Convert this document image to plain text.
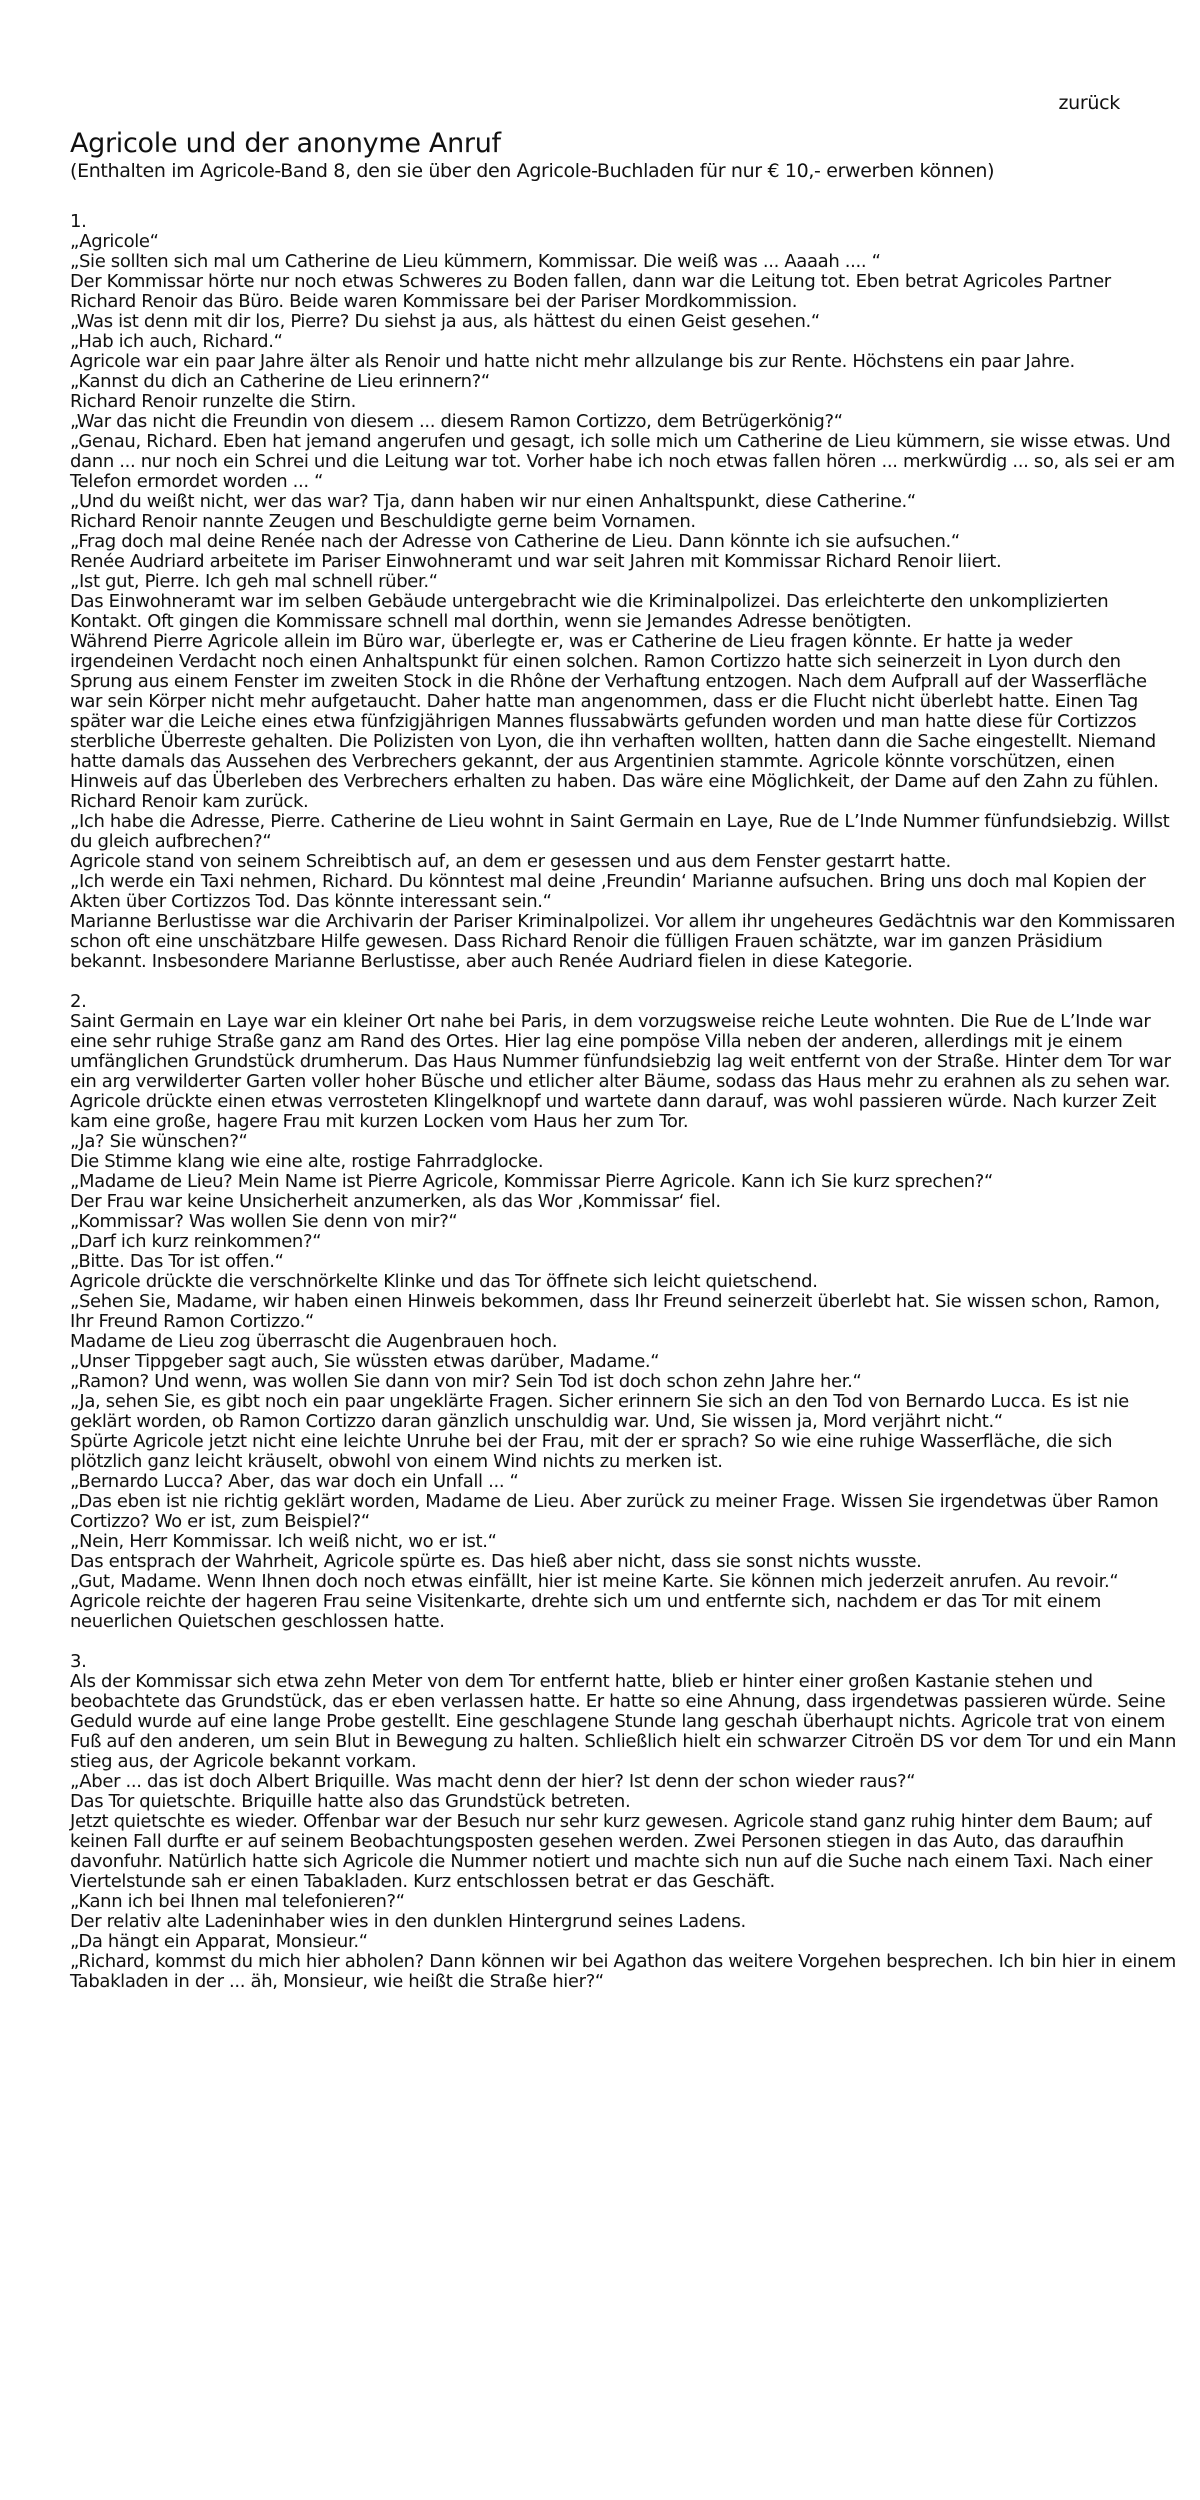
zurück
Agricole und der anonyme Anruf
(Enthalten im Agricole-Band 8, den sie über den Agricole-Buchladen für nur € 10,- erwerben können)
1.

„Agricole“

„Sie sollten sich mal um Catherine de Lieu kümmern, Kommissar. Die weiß was ... Aaaah .... “

Der Kommissar hörte nur noch etwas Schweres zu Boden fallen, dann war die Leitung tot. Eben betrat Agricoles Partner Richard Renoir das Büro. Beide waren Kommissare bei der Pariser Mordkommission.

„Was ist denn mit dir los, Pierre? Du siehst ja aus, als hättest du einen Geist gesehen.“

„Hab ich auch, Richard.“

Agricole war ein paar Jahre älter als Renoir und hatte nicht mehr allzulange bis zur Rente. Höchstens ein paar Jahre.

„Kannst du dich an Catherine de Lieu erinnern?“

Richard Renoir runzelte die Stirn.

„War das nicht die Freundin von diesem ... diesem Ramon Cortizzo, dem Betrügerkönig?“

„Genau, Richard. Eben hat jemand angerufen und gesagt, ich solle mich um Catherine de Lieu kümmern, sie wisse etwas. Und dann ... nur noch ein Schrei und die Leitung war tot. Vorher habe ich noch etwas fallen hören ... merkwürdig ... so, als sei er am Telefon ermordet worden ... “

„Und du weißt nicht, wer das war? Tja, dann haben wir nur einen Anhaltspunkt, diese Catherine.“

Richard Renoir nannte Zeugen und Beschuldigte gerne beim Vornamen.

„Frag doch mal deine Renée nach der Adresse von Catherine de Lieu. Dann könnte ich sie aufsuchen.“

Renée Audriard arbeitete im Pariser Einwohneramt und war seit Jahren mit Kommissar Richard Renoir liiert.

„Ist gut, Pierre. Ich geh mal schnell rüber.“

Das Einwohneramt war im selben Gebäude untergebracht wie die Kriminalpolizei. Das erleichterte den unkomplizierten Kontakt. Oft gingen die Kommissare schnell mal dorthin, wenn sie Jemandes Adresse benötigten.

Während Pierre Agricole allein im Büro war, überlegte er, was er Catherine de Lieu fragen könnte. Er hatte ja weder irgendeinen Verdacht noch einen Anhaltspunkt für einen solchen. Ramon Cortizzo hatte sich seinerzeit in Lyon durch den Sprung aus einem Fenster im zweiten Stock in die Rhône der Verhaftung entzogen. Nach dem Aufprall auf der Wasserfläche war sein Körper nicht mehr aufgetaucht. Daher hatte man angenommen, dass er die Flucht nicht überlebt hatte. Einen Tag später war die Leiche eines etwa fünfzigjährigen Mannes flussabwärts gefunden worden und man hatte diese für Cortizzos sterbliche Überreste gehalten. Die Polizisten von Lyon, die ihn verhaften wollten, hatten dann die Sache eingestellt. Niemand hatte damals das Aussehen des Verbrechers gekannt, der aus Argentinien stammte. Agricole könnte vorschützen, einen Hinweis auf das Überleben des Verbrechers erhalten zu haben. Das wäre eine Möglichkeit, der Dame auf den Zahn zu fühlen.

Richard Renoir kam zurück.

„Ich habe die Adresse, Pierre. Catherine de Lieu wohnt in Saint Germain en Laye, Rue de L’Inde Nummer fünfundsiebzig. Willst du gleich aufbrechen?“

Agricole stand von seinem Schreibtisch auf, an dem er gesessen und aus dem Fenster gestarrt hatte.

„Ich werde ein Taxi nehmen, Richard. Du könntest mal deine ‚Freundin‘ Marianne aufsuchen. Bring uns doch mal Kopien der Akten über Cortizzos Tod. Das könnte interessant sein.“

Marianne Berlustisse war die Archivarin der Pariser Kriminalpolizei. Vor allem ihr ungeheures Gedächtnis war den Kommissaren schon oft eine unschätzbare Hilfe gewesen. Dass Richard Renoir die fülligen Frauen schätzte, war im ganzen Präsidium bekannt. Insbesondere Marianne Berlustisse, aber auch Renée Audriard fielen in diese Kategorie.

2.

Saint Germain en Laye war ein kleiner Ort nahe bei Paris, in dem vorzugsweise reiche Leute wohnten. Die Rue de L’Inde war eine sehr ruhige Straße ganz am Rand des Ortes. Hier lag eine pompöse Villa neben der anderen, allerdings mit je einem umfänglichen Grundstück drumherum. Das Haus Nummer fünfundsiebzig lag weit entfernt von der Straße. Hinter dem Tor war ein arg verwilderter Garten voller hoher Büsche und etlicher alter Bäume, sodass das Haus mehr zu erahnen als zu sehen war. Agricole drückte einen etwas verrosteten Klingelknopf und wartete dann darauf, was wohl passieren würde. Nach kurzer Zeit kam eine große, hagere Frau mit kurzen Locken vom Haus her zum Tor.

„Ja? Sie wünschen?“

Die Stimme klang wie eine alte, rostige Fahrradglocke.

„Madame de Lieu? Mein Name ist Pierre Agricole, Kommissar Pierre Agricole. Kann ich Sie kurz sprechen?“

Der Frau war keine Unsicherheit anzumerken, als das Wor ‚Kommissar‘ fiel.

„Kommissar? Was wollen Sie denn von mir?“

„Darf ich kurz reinkommen?“

„Bitte. Das Tor ist offen.“

Agricole drückte die verschnörkelte Klinke und das Tor öffnete sich leicht quietschend.

„Sehen Sie, Madame, wir haben einen Hinweis bekommen, dass Ihr Freund seinerzeit überlebt hat. Sie wissen schon, Ramon, Ihr Freund Ramon Cortizzo.“

Madame de Lieu zog überrascht die Augenbrauen hoch.

„Unser Tippgeber sagt auch, Sie wüssten etwas darüber, Madame.“

„Ramon? Und wenn, was wollen Sie dann von mir? Sein Tod ist doch schon zehn Jahre her.“

„Ja, sehen Sie, es gibt noch ein paar ungeklärte Fragen. Sicher erinnern Sie sich an den Tod von Bernardo Lucca. Es ist nie geklärt worden, ob Ramon Cortizzo daran gänzlich unschuldig war. Und, Sie wissen ja, Mord verjährt nicht.“

Spürte Agricole jetzt nicht eine leichte Unruhe bei der Frau, mit der er sprach? So wie eine ruhige Wasserfläche, die sich plötzlich ganz leicht kräuselt, obwohl von einem Wind nichts zu merken ist.

„Bernardo Lucca? Aber, das war doch ein Unfall ... “

„Das eben ist nie richtig geklärt worden, Madame de Lieu. Aber zurück zu meiner Frage. Wissen Sie irgendetwas über Ramon Cortizzo? Wo er ist, zum Beispiel?“

„Nein, Herr Kommissar. Ich weiß nicht, wo er ist.“

Das entsprach der Wahrheit, Agricole spürte es. Das hieß aber nicht, dass sie sonst nichts wusste.

„Gut, Madame. Wenn Ihnen doch noch etwas einfällt, hier ist meine Karte. Sie können mich jederzeit anrufen. Au revoir.“

Agricole reichte der hageren Frau seine Visitenkarte, drehte sich um und entfernte sich, nachdem er das Tor mit einem neuerlichen Quietschen geschlossen hatte.

3.

Als der Kommissar sich etwa zehn Meter von dem Tor entfernt hatte, blieb er hinter einer großen Kastanie stehen und beobachtete das Grundstück, das er eben verlassen hatte. Er hatte so eine Ahnung, dass irgendetwas passieren würde. Seine Geduld wurde auf eine lange Probe gestellt. Eine geschlagene Stunde lang geschah überhaupt nichts. Agricole trat von einem Fuß auf den anderen, um sein Blut in Bewegung zu halten. Schließlich hielt ein schwarzer Citroën DS vor dem Tor und ein Mann stieg aus, der Agricole bekannt vorkam.

„Aber ... das ist doch Albert Briquille. Was macht denn der hier? Ist denn der schon wieder raus?“

Das Tor quietschte. Briquille hatte also das Grundstück betreten.

Jetzt quietschte es wieder. Offenbar war der Besuch nur sehr kurz gewesen. Agricole stand ganz ruhig hinter dem Baum; auf keinen Fall durfte er auf seinem Beobachtungsposten gesehen werden. Zwei Personen stiegen in das Auto, das daraufhin davonfuhr. Natürlich hatte sich Agricole die Nummer notiert und machte sich nun auf die Suche nach einem Taxi. Nach einer Viertelstunde sah er einen Tabakladen. Kurz entschlossen betrat er das Geschäft.

„Kann ich bei Ihnen mal telefonieren?“

Der relativ alte Ladeninhaber wies in den dunklen Hintergrund seines Ladens.

„Da hängt ein Apparat, Monsieur.“

„Richard, kommst du mich hier abholen? Dann können wir bei Agathon das weitere Vorgehen besprechen. Ich bin hier in einem Tabakladen in der ... äh, Monsieur, wie heißt die Straße hier?“
